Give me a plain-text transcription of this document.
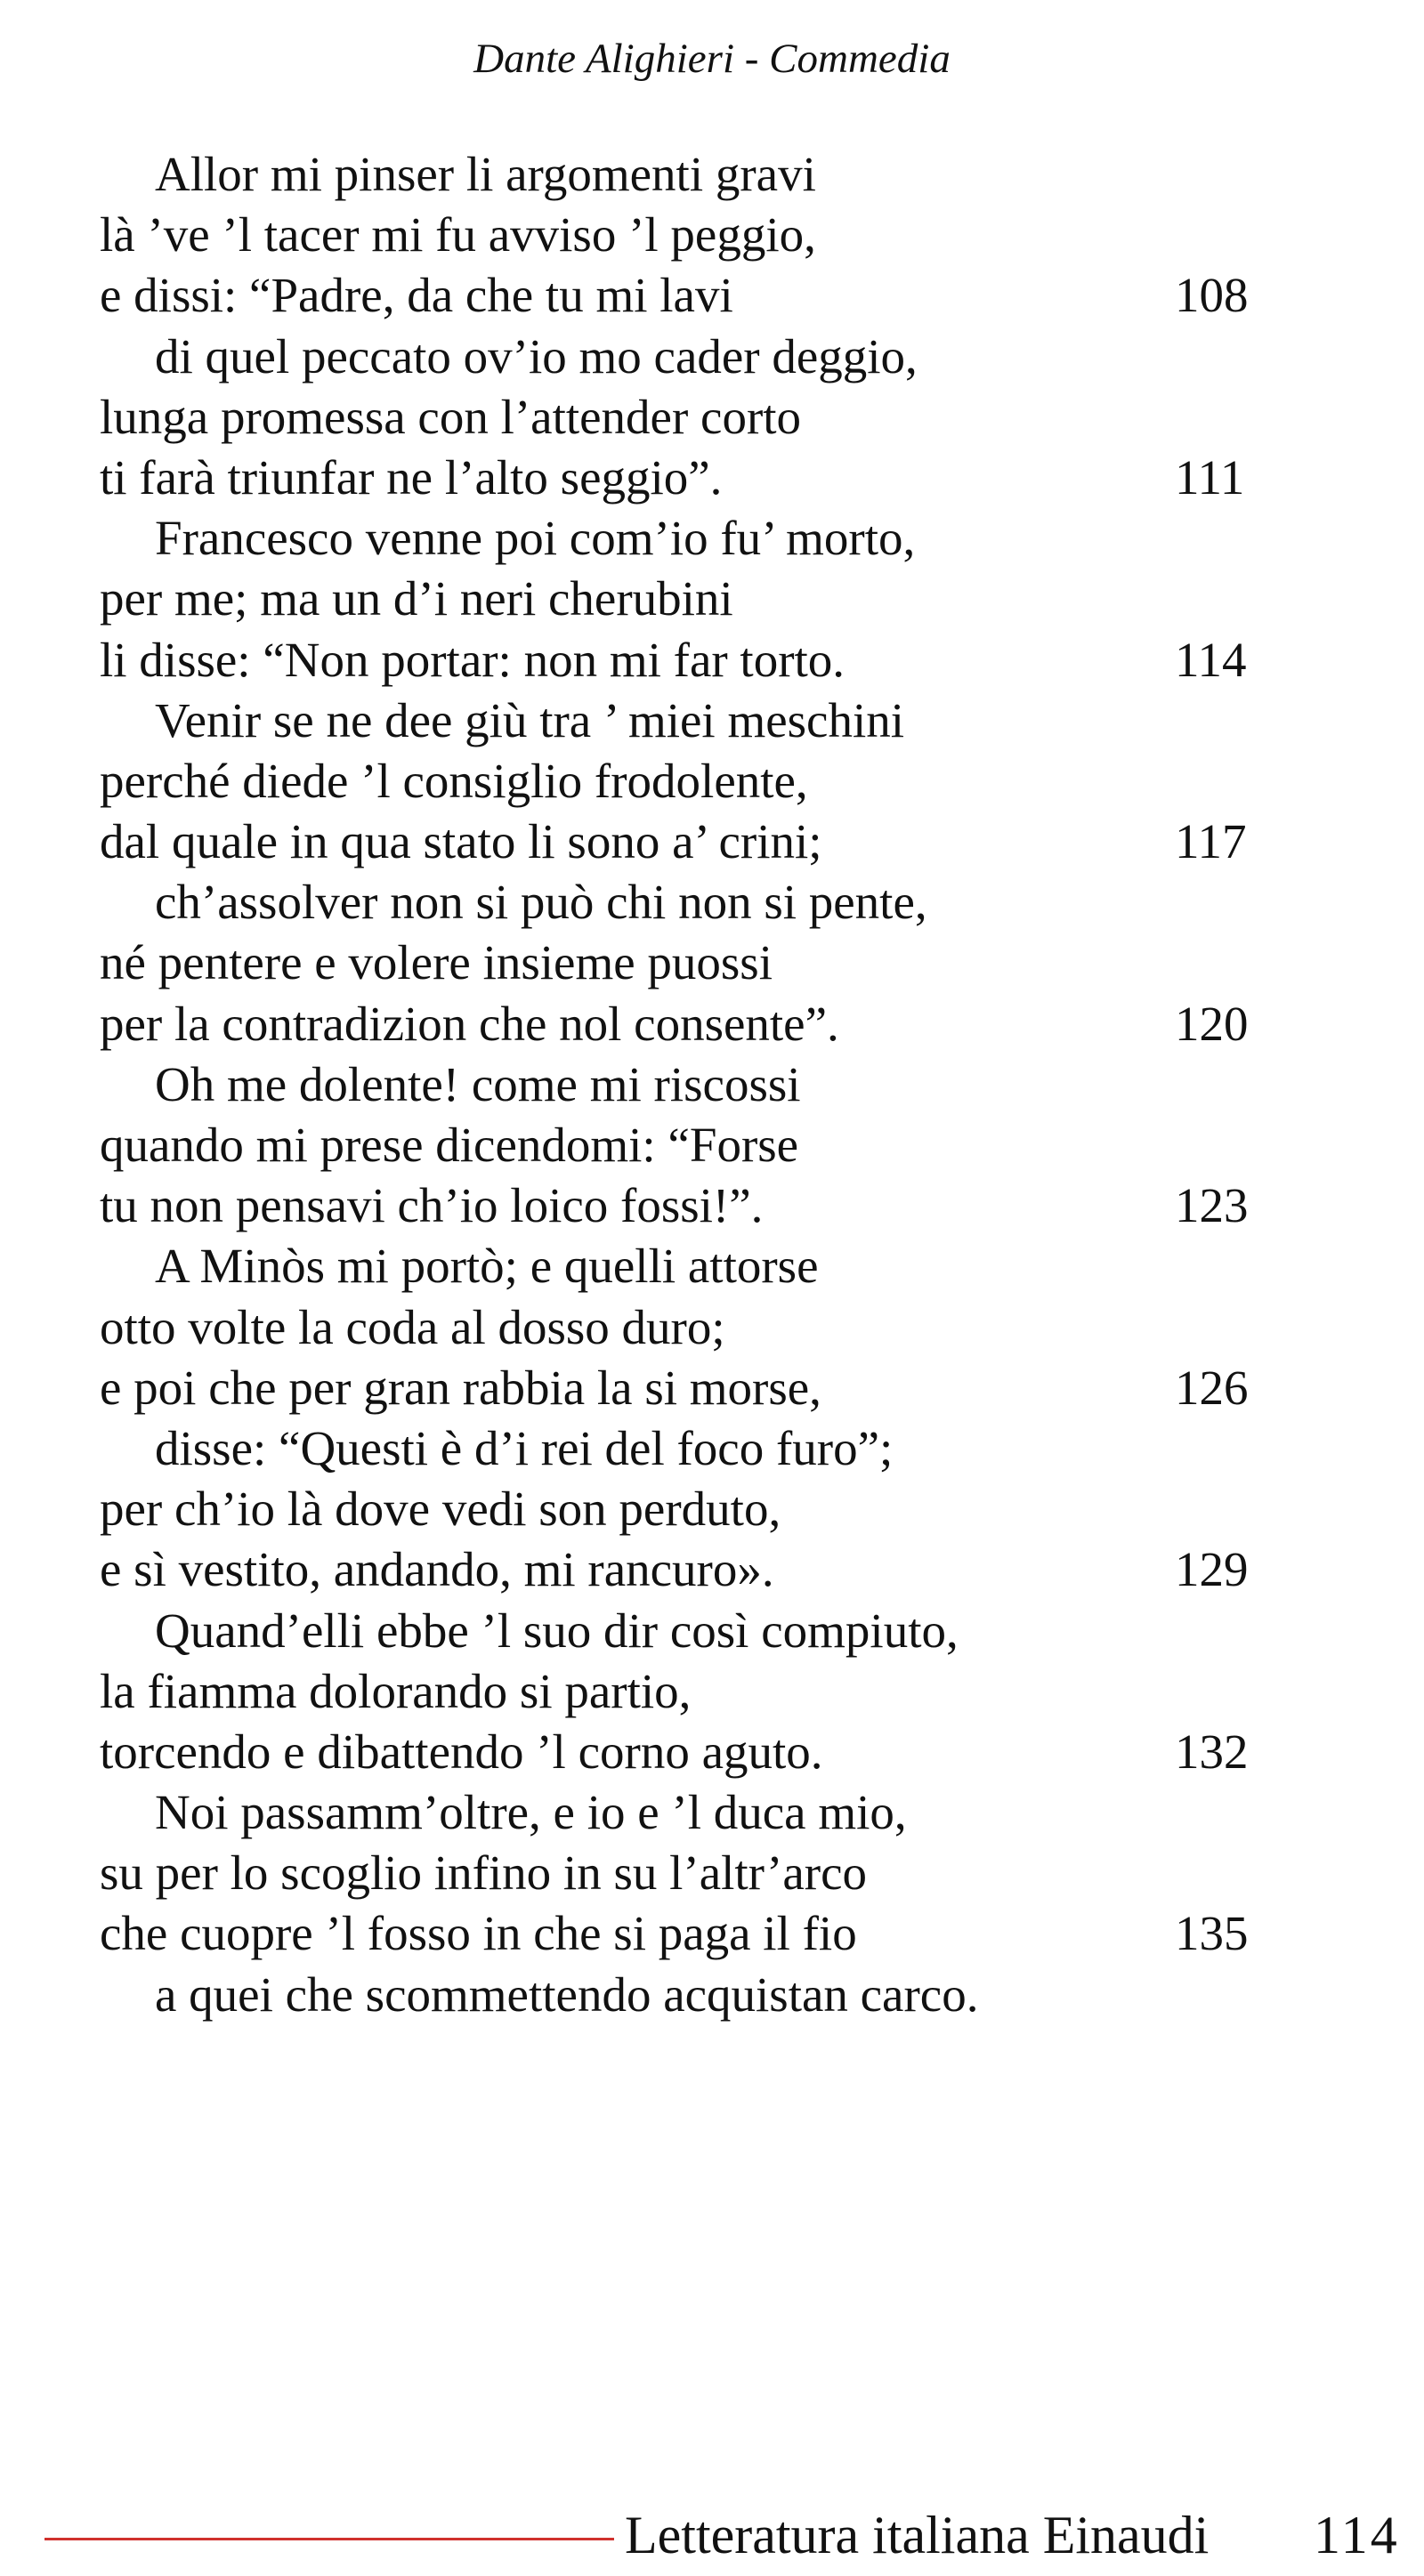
Dante Alighieri - Commedia
Allor mi pinser li argomenti gravi
là ’ve ’l tacer mi fu avviso ’l peggio,
e dissi: “Padre, da che tu mi lavi	108
di quel peccato ov’io mo cader deggio,
lunga promessa con l’attender corto
ti farà triunfar ne l’alto seggio”.	111
Francesco venne poi com’io fu’ morto,
per me; ma un d’i neri cherubini
li disse: “Non portar: non mi far torto.	114
Venir se ne dee giù tra ’ miei meschini
perché diede ’l consiglio frodolente,
dal quale in qua stato li sono a’ crini;	117
ch’assolver non si può chi non si pente,
né pentere e volere insieme puossi
per la contradizion che nol consente”.	120
Oh me dolente! come mi riscossi
quando mi prese dicendomi: “Forse
tu non pensavi ch’io loico fossi!”.	123
A Minòs mi portò; e quelli attorse
otto volte la coda al dosso duro;
e poi che per gran rabbia la si morse,	126
disse: “Questi è d’i rei del foco furo”;
per ch’io là dove vedi son perduto,
e sì vestito, andando, mi rancuro».	129
Quand’elli ebbe ’l suo dir così compiuto,
la fiamma dolorando si partio,
torcendo e dibattendo ’l corno aguto.	132
Noi passamm’oltre, e io e ’l duca mio,
su per lo scoglio infino in su l’altr’arco
che cuopre ’l fosso in che si paga il fio	135
a quei che scommettendo acquistan carco.
Letteratura italiana Einaudi 114
